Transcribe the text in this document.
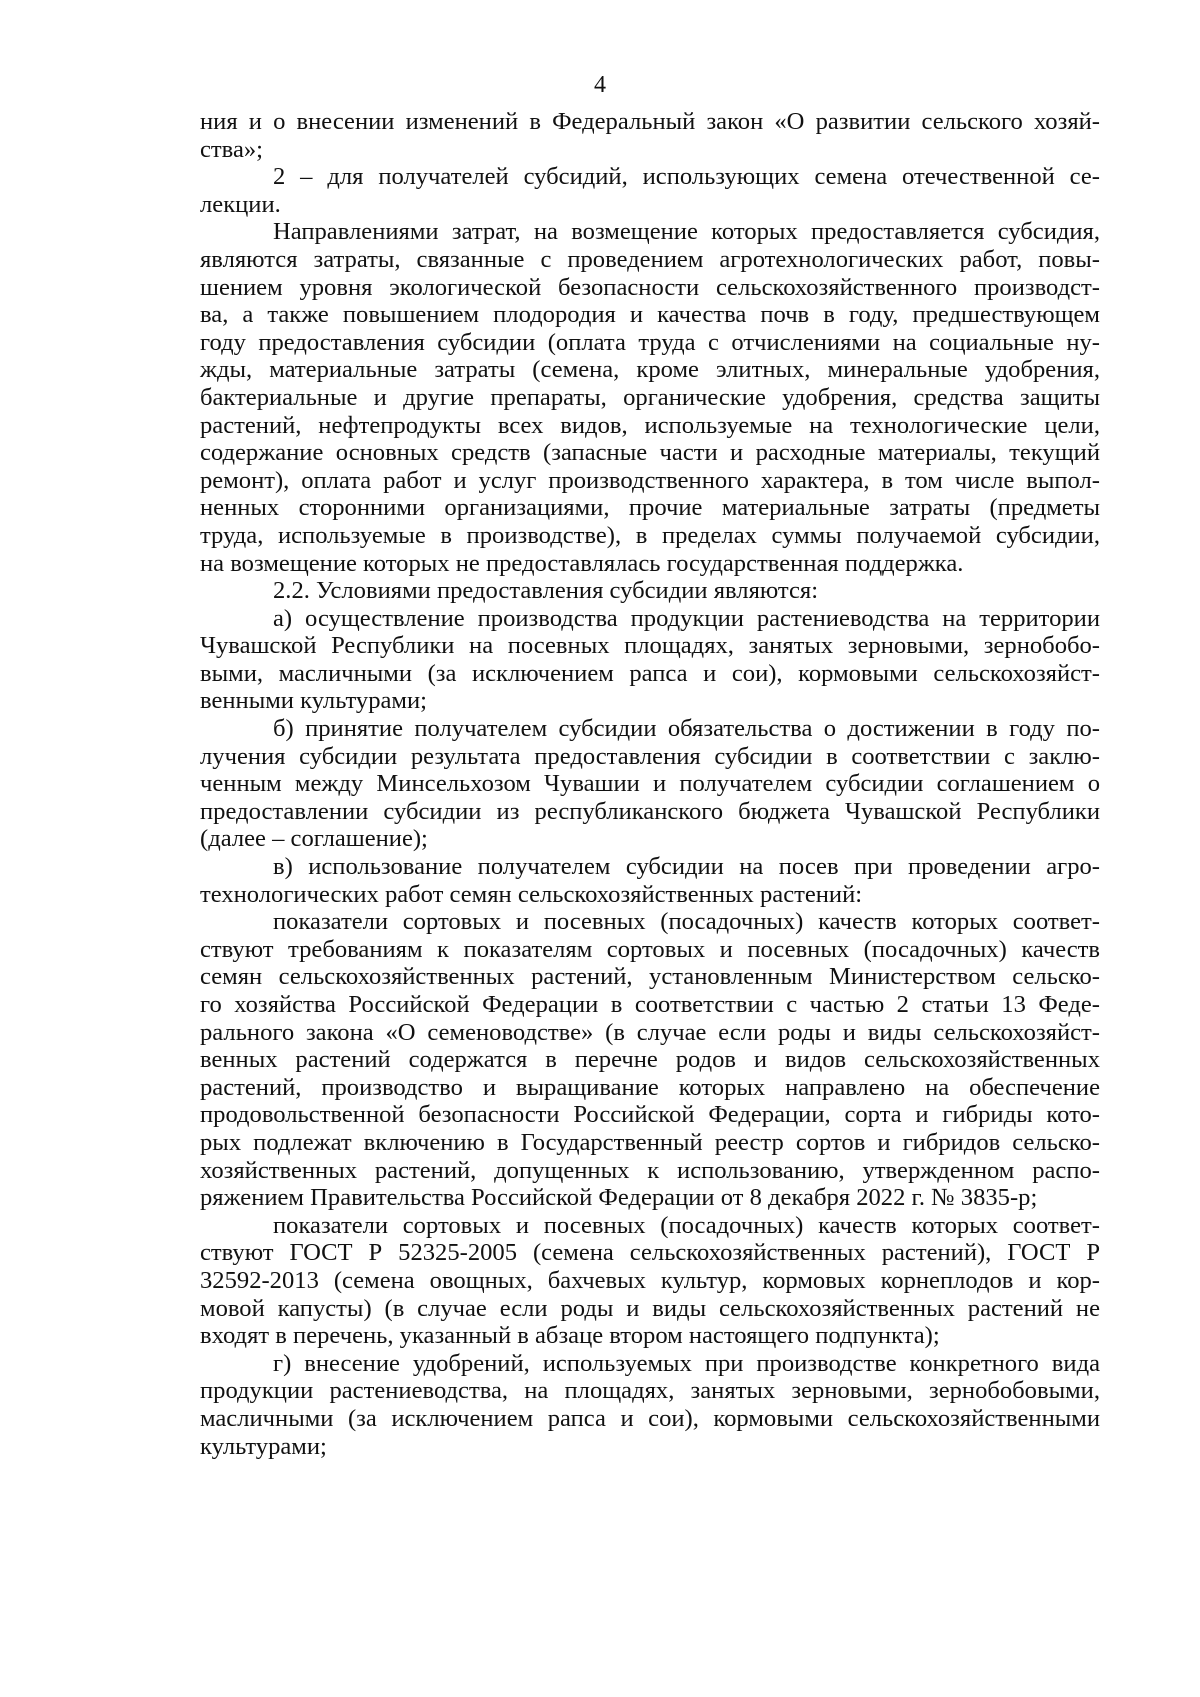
4

ния и о внесении изменений в Федеральный закон «О развитии сельского хозяй-
ства»;

2 – для получателей субсидий, использующих семена отечественной се-
лекции.

Направлениями затрат, на возмещение которых предоставляется субсидия,
являются затраты, связанные с проведением агротехнологических работ, повы-
шением уровня экологической безопасности сельскохозяйственного производст-
ва, а также повышением плодородия и качества почв в году, предшествующем
году предоставления субсидии (оплата труда с отчислениями на социальные ну-
жды, материальные затраты (семена, кроме элитных, минеральные удобрения,
бактериальные и другие препараты, органические удобрения, средства защиты
растений, нефтепродукты всех видов, используемые на технологические цели,
содержание основных средств (запасные части и расходные материалы, текущий
ремонт), оплата работ и услуг производственного характера, в том числе выпол-
ненных сторонними организациями, прочие материальные затраты (предметы
труда, используемые в производстве), в пределах суммы получаемой субсидии,
на возмещение которых не предоставлялась государственная поддержка.

2.2. Условиями предоставления субсидии являются:

а) осуществление производства продукции растениеводства на территории
Чувашской Республики на посевных площадях, занятых зерновыми, зернобобо-
выми, масличными (за исключением рапса и сои), кормовыми сельскохозяйст-
венными культурами;

б) принятие получателем субсидии обязательства о достижении в году по-
лучения субсидии результата предоставления субсидии в соответствии с заклю-
ченным между Минсельхозом Чувашии и получателем субсидии соглашением о
предоставлении субсидии из республиканского бюджета Чувашской Республики
(далее – соглашение);

в) использование получателем субсидии на посев при проведении агро-
технологических работ семян сельскохозяйственных растений:

показатели сортовых и посевных (посадочных) качеств которых соответ-
ствуют требованиям к показателям сортовых и посевных (посадочных) качеств
семян сельскохозяйственных растений, установленным Министерством сельско-
го хозяйства Российской Федерации в соответствии с частью 2 статьи 13 Феде-
рального закона «О семеноводстве» (в случае если роды и виды сельскохозяйст-
венных растений содержатся в перечне родов и видов сельскохозяйственных
растений, производство и выращивание которых направлено на обеспечение
продовольственной безопасности Российской Федерации, сорта и гибриды кото-
рых подлежат включению в Государственный реестр сортов и гибридов сельско-
хозяйственных растений, допущенных к использованию, утвержденном распо-
ряжением Правительства Российской Федерации от 8 декабря 2022 г. № 3835-р;

показатели сортовых и посевных (посадочных) качеств которых соответ-
ствуют ГОСТ Р 52325-2005 (семена сельскохозяйственных растений), ГОСТ Р
32592-2013 (семена овощных, бахчевых культур, кормовых корнеплодов и кор-
мовой капусты) (в случае если роды и виды сельскохозяйственных растений не
входят в перечень, указанный в абзаце втором настоящего подпункта);

г) внесение удобрений, используемых при производстве конкретного вида
продукции растениеводства, на площадях, занятых зерновыми, зернобобовыми,
масличными (за исключением рапса и сои), кормовыми сельскохозяйственными
культурами;
